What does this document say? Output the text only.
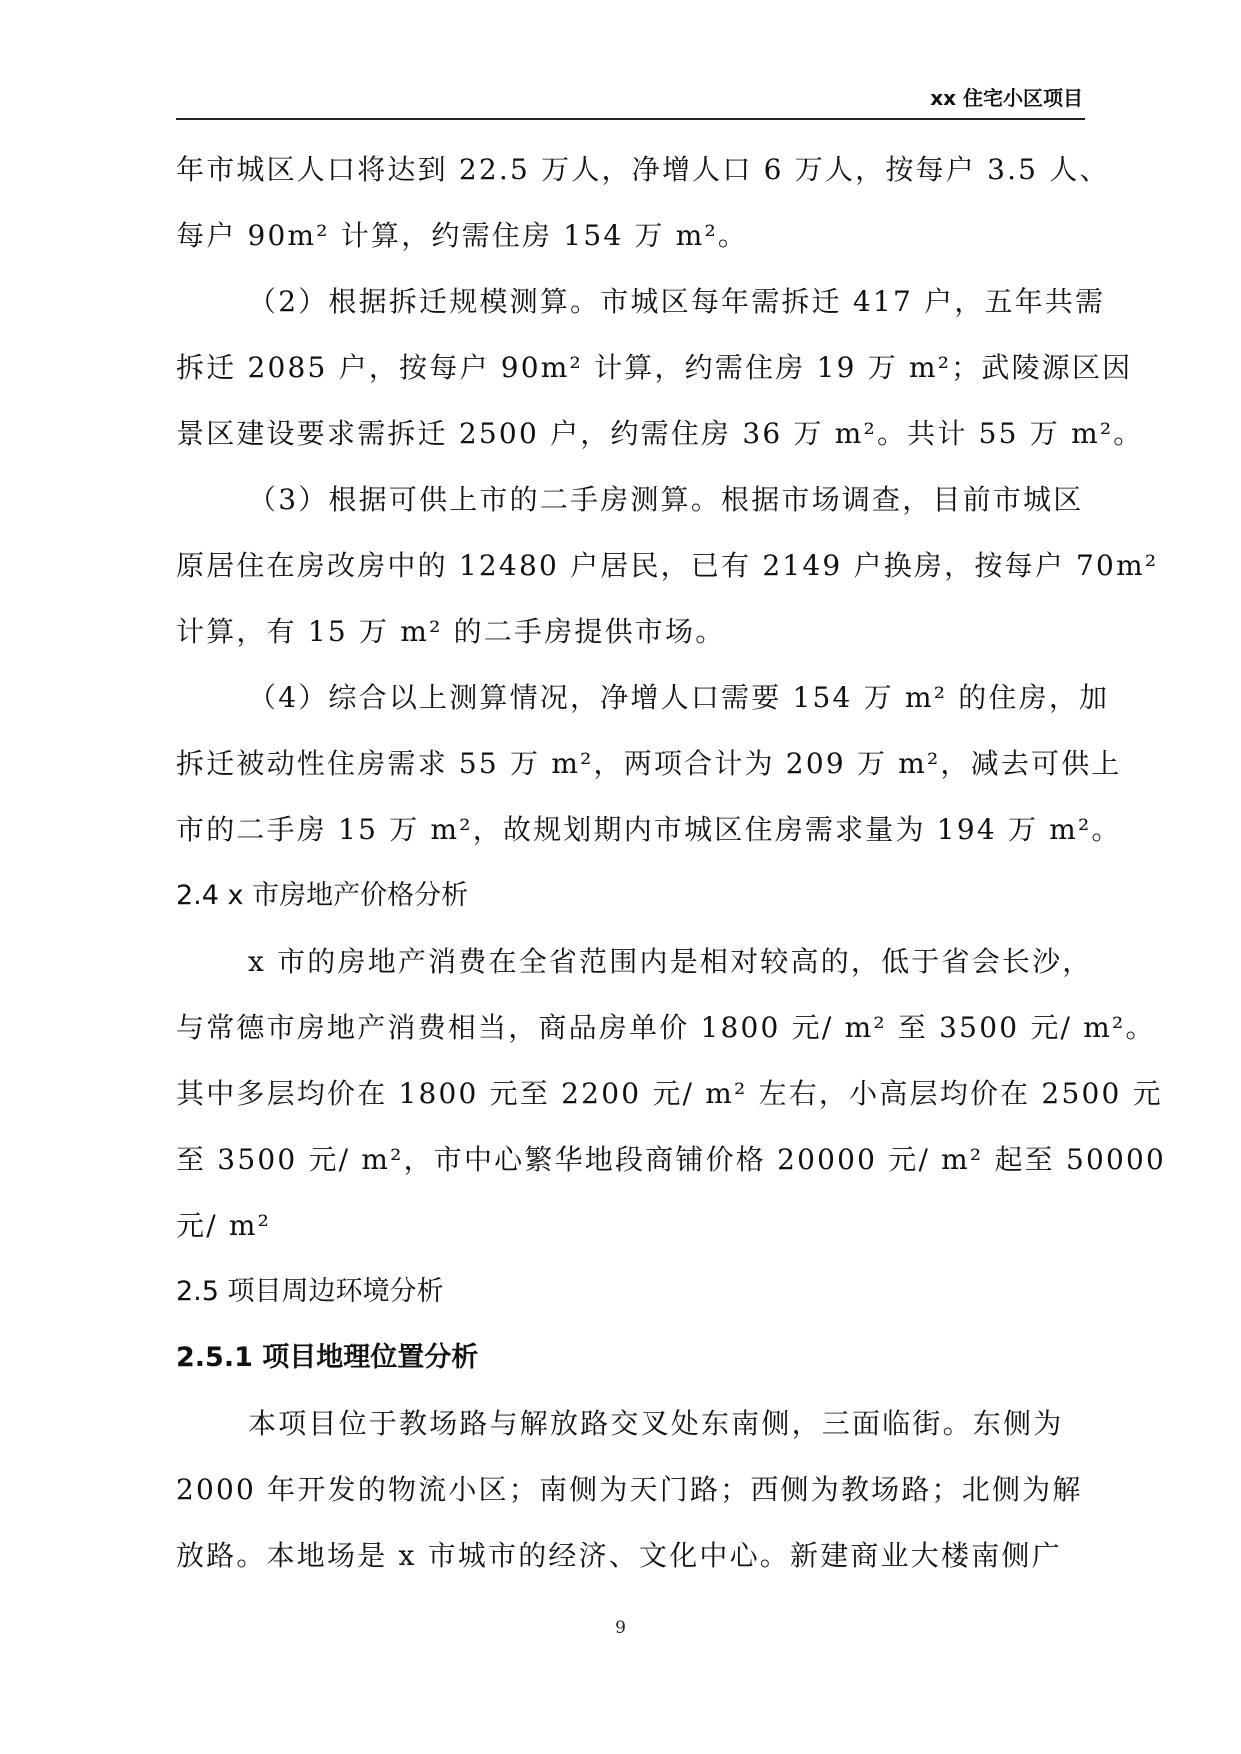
xx 住宅小区项目
年市城区人口将达到 22.5 万人，净增人口 6 万人，按每户 3.5 人、
每户 90m² 计算，约需住房 154 万 m²。
（2）根据拆迁规模测算。市城区每年需拆迁 417 户，五年共需
拆迁 2085 户，按每户 90m² 计算，约需住房 19 万 m²；武陵源区因
景区建设要求需拆迁 2500 户，约需住房 36 万 m²。共计 55 万 m²。
（3）根据可供上市的二手房测算。根据市场调查，目前市城区
原居住在房改房中的 12480 户居民，已有 2149 户换房，按每户 70m²
计算，有 15 万 m² 的二手房提供市场。
（4）综合以上测算情况，净增人口需要 154 万 m² 的住房，加
拆迁被动性住房需求 55 万 m²，两项合计为 209 万 m²，减去可供上
市的二手房 15 万 m²，故规划期内市城区住房需求量为 194 万 m²。
2.4 x 市房地产价格分析
x 市的房地产消费在全省范围内是相对较高的，低于省会长沙，
与常德市房地产消费相当，商品房单价 1800 元/ m² 至 3500 元/ m²。
其中多层均价在 1800 元至 2200 元/ m² 左右，小高层均价在 2500 元
至 3500 元/ m²，市中心繁华地段商铺价格 20000 元/ m² 起至 50000
元/ m²
2.5 项目周边环境分析
2.5.1 项目地理位置分析
本项目位于教场路与解放路交叉处东南侧，三面临街。东侧为
2000 年开发的物流小区；南侧为天门路；西侧为教场路；北侧为解
放路。本地场是 x 市城市的经济、文化中心。新建商业大楼南侧广
9
